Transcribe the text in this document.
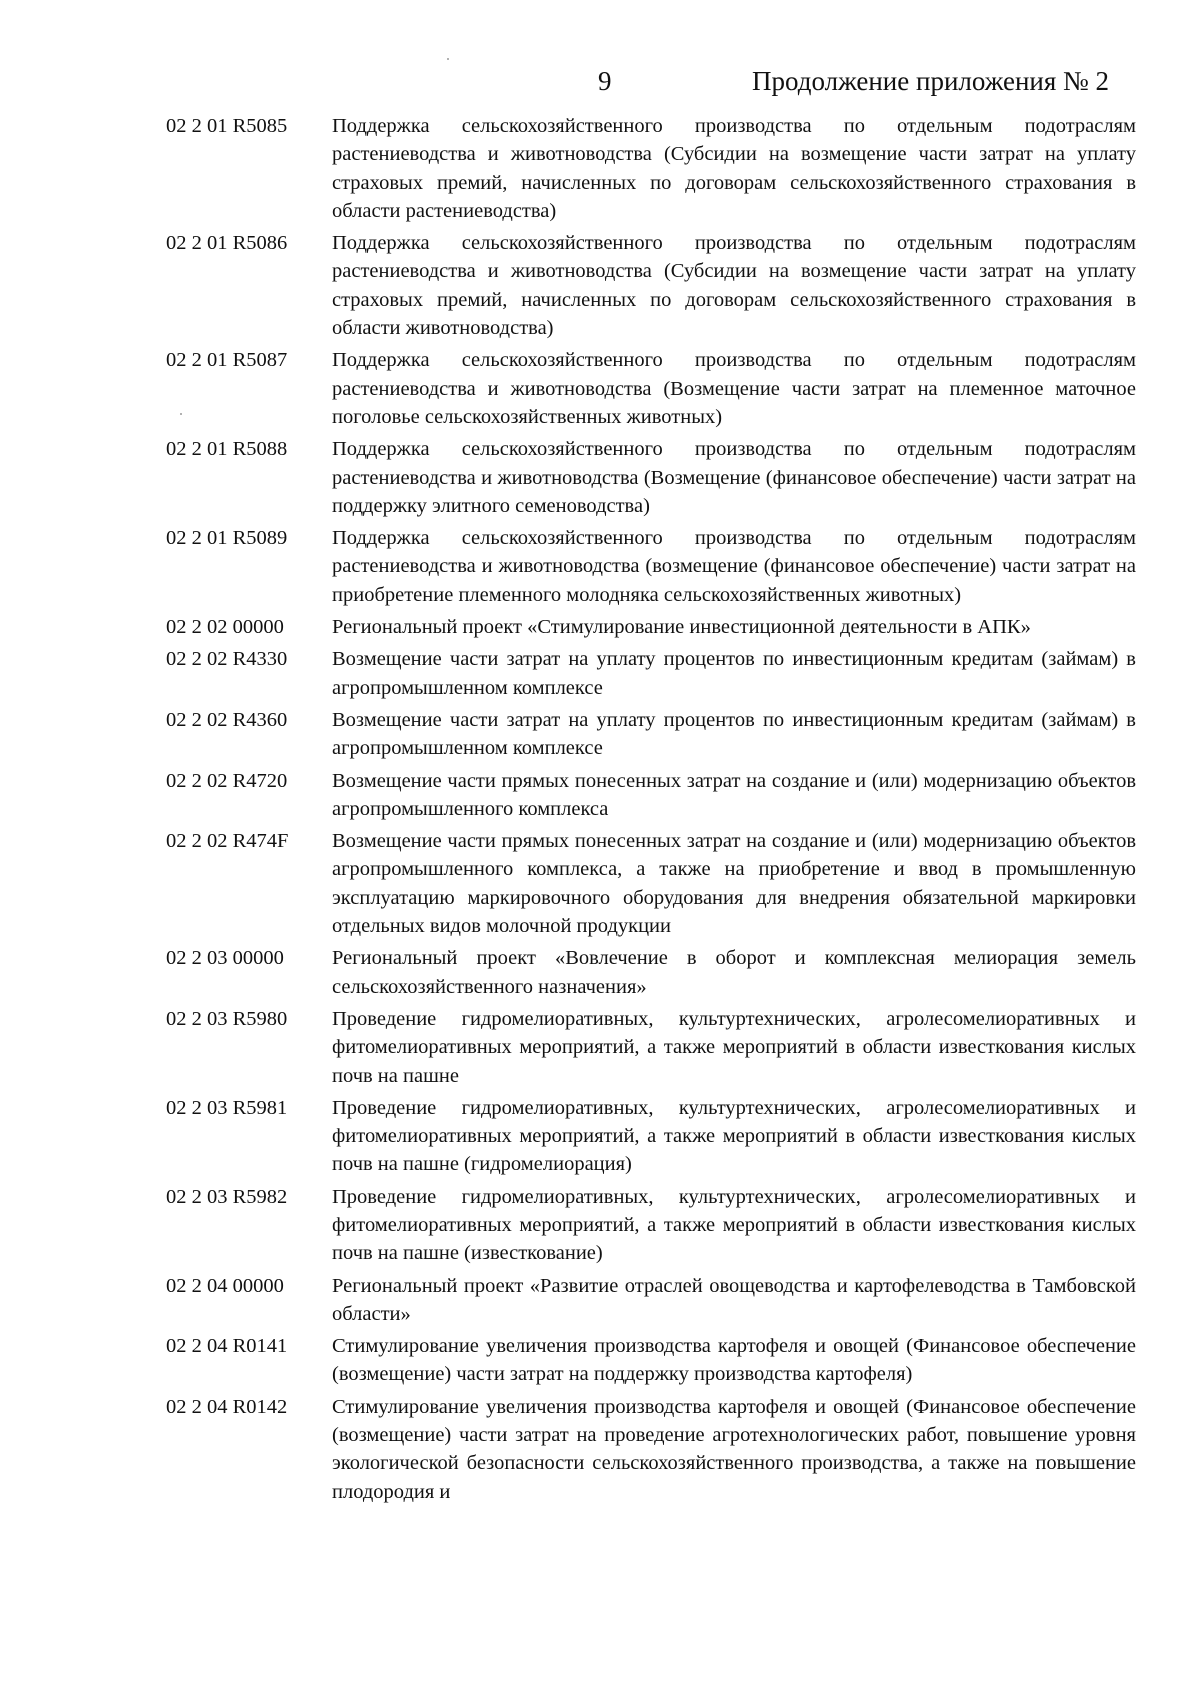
9	Продолжение приложения № 2
02 2 01 R5085	Поддержка сельскохозяйственного производства по отдельным подотраслям растениеводства и животноводства (Субсидии на возмещение части затрат на уплату страховых премий, начисленных по договорам сельскохозяйственного страхования в области растениеводства)
02 2 01 R5086	Поддержка сельскохозяйственного производства по отдельным подотраслям растениеводства и животноводства (Субсидии на возмещение части затрат на уплату страховых премий, начисленных по договорам сельскохозяйственного страхования в области животноводства)
02 2 01 R5087	Поддержка сельскохозяйственного производства по отдельным подотраслям растениеводства и животноводства (Возмещение части затрат на племенное маточное поголовье сельскохозяйственных животных)
02 2 01 R5088	Поддержка сельскохозяйственного производства по отдельным подотраслям растениеводства и животноводства (Возмещение (финансовое обеспечение) части затрат на поддержку элитного семеноводства)
02 2 01 R5089	Поддержка сельскохозяйственного производства по отдельным подотраслям растениеводства и животноводства (возмещение (финансовое обеспечение) части затрат на приобретение племенного молодняка сельскохозяйственных животных)
02 2 02 00000	Региональный проект «Стимулирование инвестиционной деятельности в АПК»
02 2 02 R4330	Возмещение части затрат на уплату процентов по инвестиционным кредитам (займам) в агропромышленном комплексе
02 2 02 R4360	Возмещение части затрат на уплату процентов по инвестиционным кредитам (займам) в агропромышленном комплексе
02 2 02 R4720	Возмещение части прямых понесенных затрат на создание и (или) модернизацию объектов агропромышленного комплекса
02 2 02 R474F	Возмещение части прямых понесенных затрат на создание и (или) модернизацию объектов агропромышленного комплекса, а также на приобретение и ввод в промышленную эксплуатацию маркировочного оборудования для внедрения обязательной маркировки отдельных видов молочной продукции
02 2 03 00000	Региональный проект «Вовлечение в оборот и комплексная мелиорация земель сельскохозяйственного назначения»
02 2 03 R5980	Проведение гидромелиоративных, культуртехнических, агролесомелиоративных и фитомелиоративных мероприятий, а также мероприятий в области известкования кислых почв на пашне
02 2 03 R5981	Проведение гидромелиоративных, культуртехнических, агролесомелиоративных и фитомелиоративных мероприятий, а также мероприятий в области известкования кислых почв на пашне (гидромелиорация)
02 2 03 R5982	Проведение гидромелиоративных, культуртехнических, агролесомелиоративных и фитомелиоративных мероприятий, а также мероприятий в области известкования кислых почв на пашне (известкование)
02 2 04 00000	Региональный проект «Развитие отраслей овощеводства и картофелеводства в Тамбовской области»
02 2 04 R0141	Стимулирование увеличения производства картофеля и овощей (Финансовое обеспечение (возмещение) части затрат на поддержку производства картофеля)
02 2 04 R0142	Стимулирование увеличения производства картофеля и овощей (Финансовое обеспечение (возмещение) части затрат на проведение агротехнологических работ, повышение уровня экологической безопасности сельскохозяйственного производства, а также на повышение плодородия и
